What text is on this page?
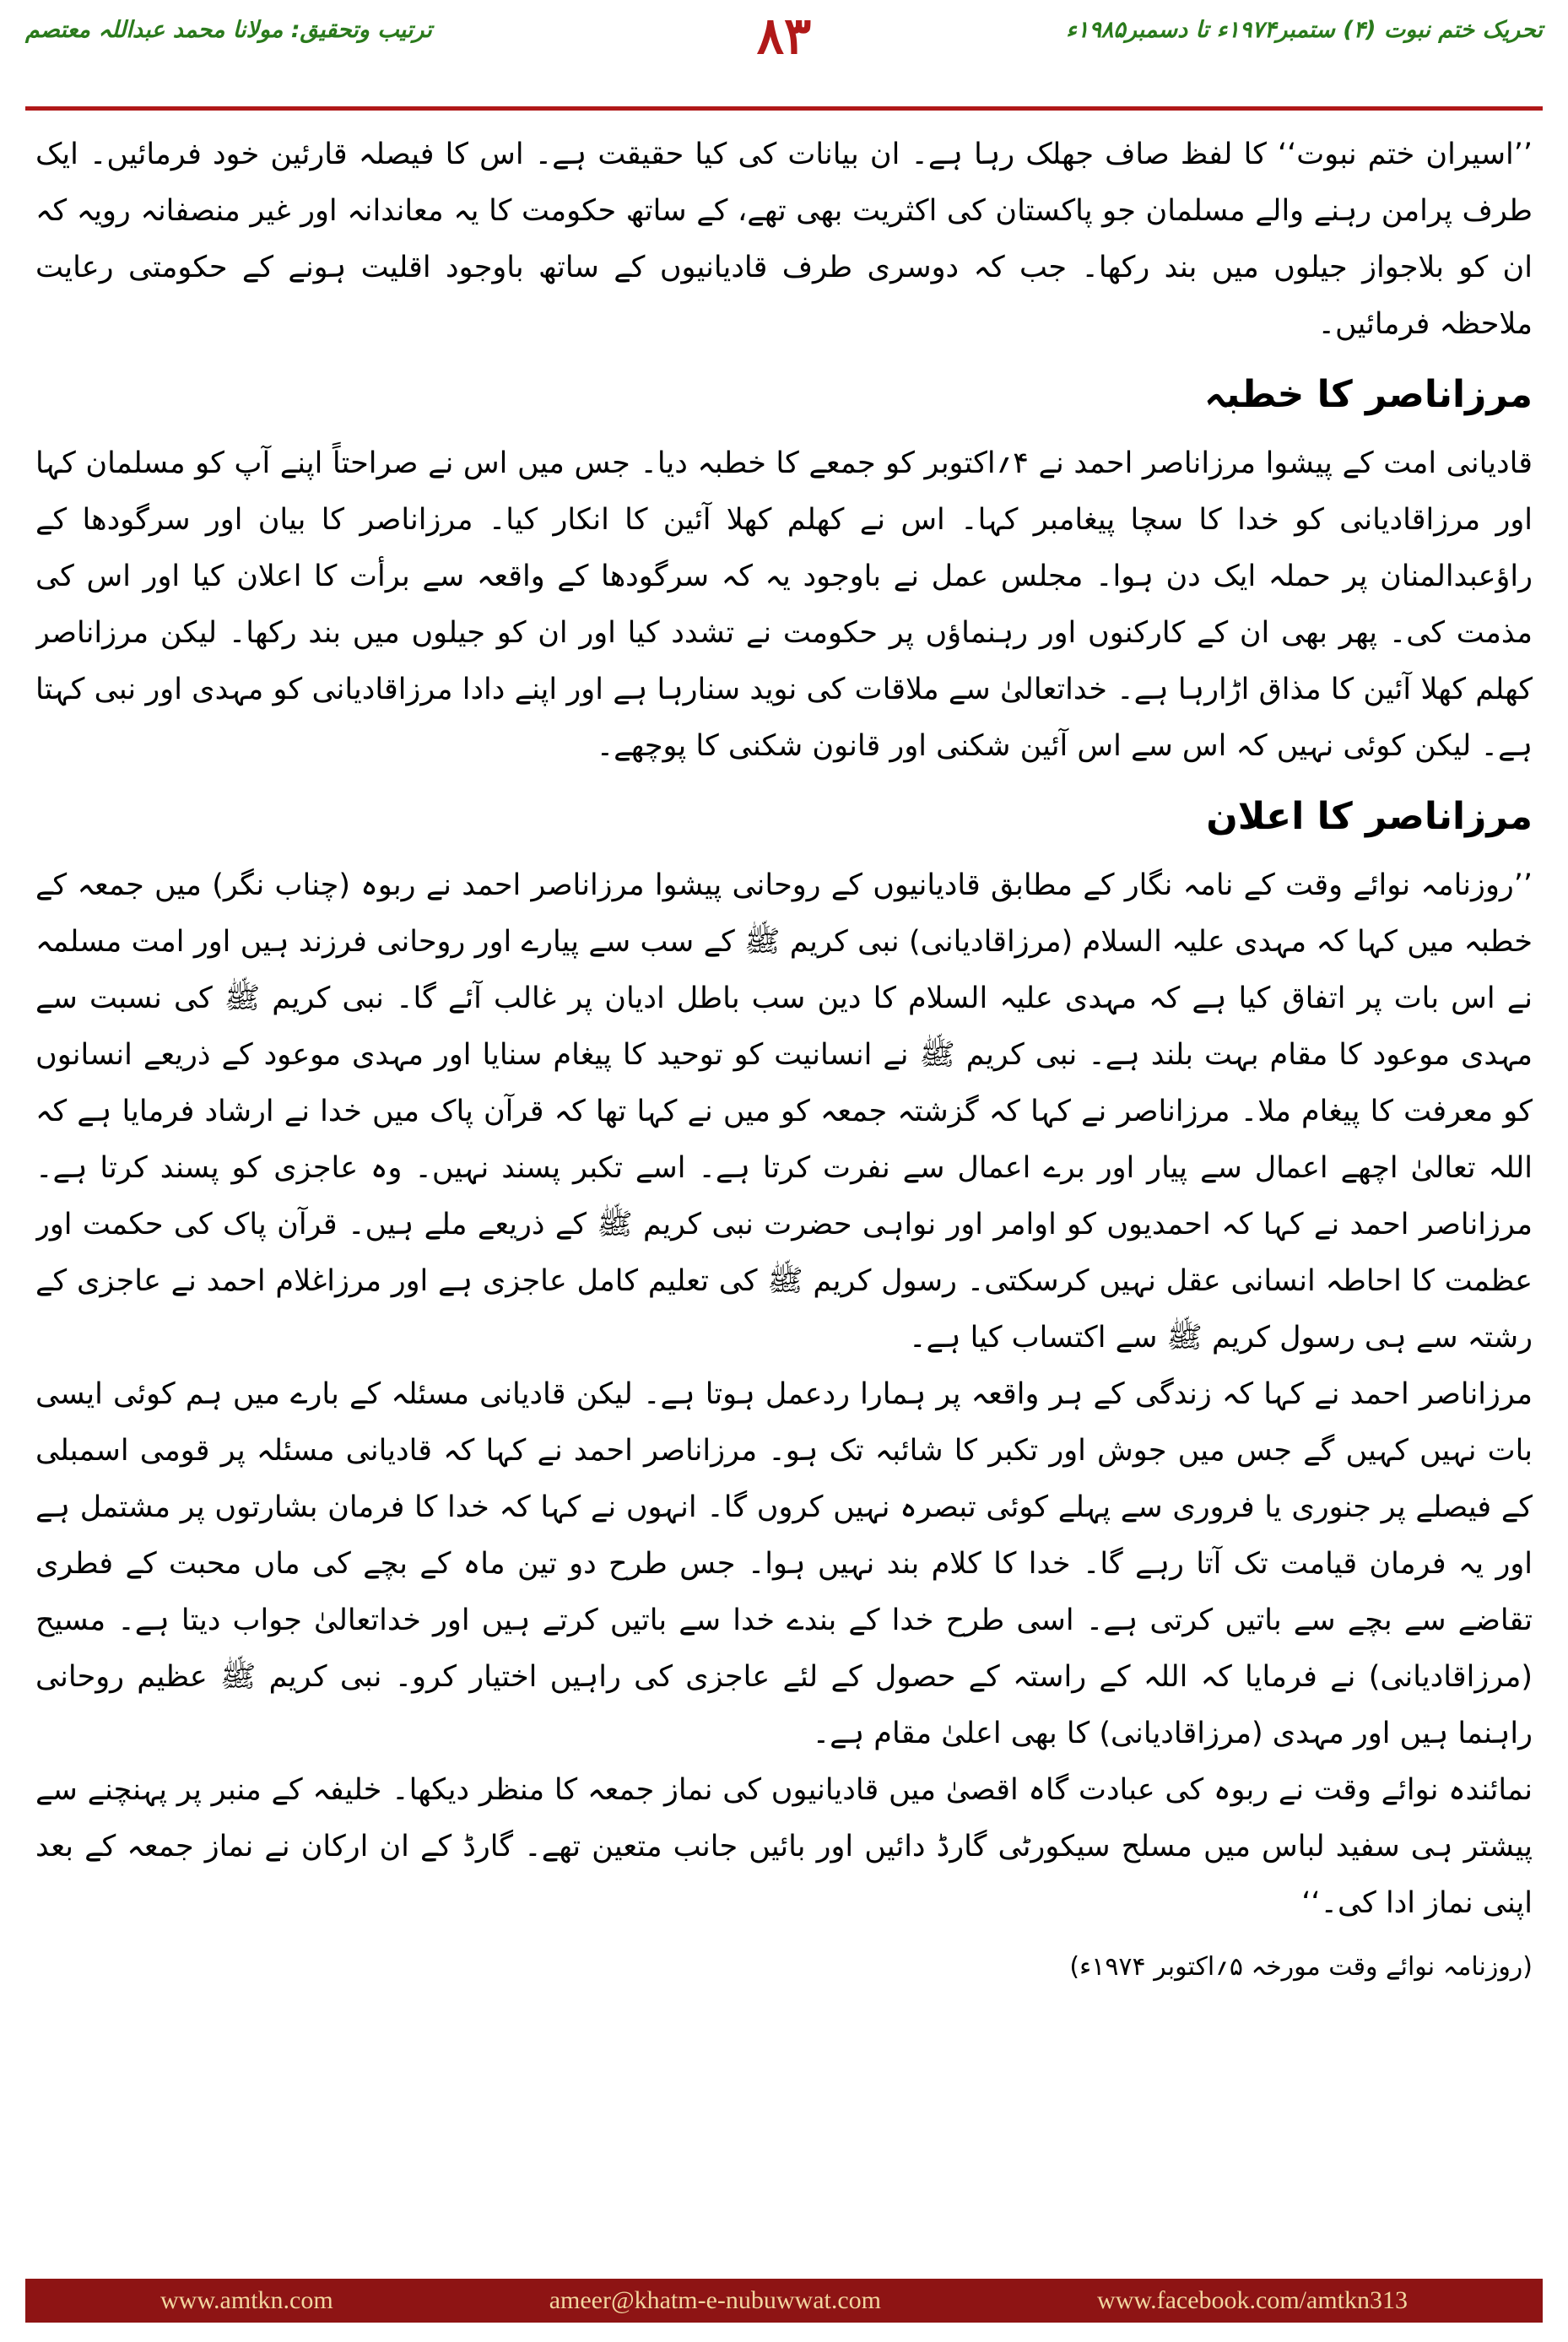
تحریک ختم نبوت (۴) ستمبر۱۹۷۴ء تا دسمبر۱۹۸۵ء
۸۳
ترتیب وتحقیق: مولانا محمد عبداللہ معتصم

’’اسیران ختم نبوت‘‘ کا لفظ صاف جھلک رہا ہے۔ ان بیانات کی کیا حقیقت ہے۔ اس کا فیصلہ قارئین خود فرمائیں۔ ایک طرف پرامن رہنے والے مسلمان جو پاکستان کی اکثریت بھی تھے، کے ساتھ حکومت کا یہ معاندانہ اور غیر منصفانہ رویہ کہ ان کو بلاجواز جیلوں میں بند رکھا۔ جب کہ دوسری طرف قادیانیوں کے ساتھ باوجود اقلیت ہونے کے حکومتی رعایت ملاحظہ فرمائیں۔

مرزاناصر کا خطبہ

قادیانی امت کے پیشوا مرزاناصر احمد نے ۴؍اکتوبر کو جمعے کا خطبہ دیا۔ جس میں اس نے صراحتاً اپنے آپ کو مسلمان کہا اور مرزاقادیانی کو خدا کا سچا پیغامبر کہا۔ اس نے کھلم کھلا آئین کا انکار کیا۔ مرزاناصر کا بیان اور سرگودھا کے راؤعبدالمنان پر حملہ ایک دن ہوا۔ مجلس عمل نے باوجود یہ کہ سرگودھا کے واقعہ سے برأت کا اعلان کیا اور اس کی مذمت کی۔ پھر بھی ان کے کارکنوں اور رہنماؤں پر حکومت نے تشدد کیا اور ان کو جیلوں میں بند رکھا۔ لیکن مرزاناصر کھلم کھلا آئین کا مذاق اڑارہا ہے۔ خداتعالیٰ سے ملاقات کی نوید سنارہا ہے اور اپنے دادا مرزاقادیانی کو مہدی اور نبی کہتا ہے۔ لیکن کوئی نہیں کہ اس سے اس آئین شکنی اور قانون شکنی کا پوچھے۔

مرزاناصر کا اعلان

’’روزنامہ نوائے وقت کے نامہ نگار کے مطابق قادیانیوں کے روحانی پیشوا مرزاناصر احمد نے ربوہ (چناب نگر) میں جمعہ کے خطبہ میں کہا کہ مہدی علیہ السلام (مرزاقادیانی) نبی کریم ﷺ کے سب سے پیارے اور روحانی فرزند ہیں اور امت مسلمہ نے اس بات پر اتفاق کیا ہے کہ مہدی علیہ السلام کا دین سب باطل ادیان پر غالب آئے گا۔ نبی کریم ﷺ کی نسبت سے مہدی موعود کا مقام بہت بلند ہے۔ نبی کریم ﷺ نے انسانیت کو توحید کا پیغام سنایا اور مہدی موعود کے ذریعے انسانوں کو معرفت کا پیغام ملا۔ مرزاناصر نے کہا کہ گزشتہ جمعہ کو میں نے کہا تھا کہ قرآن پاک میں خدا نے ارشاد فرمایا ہے کہ اللہ تعالیٰ اچھے اعمال سے پیار اور برے اعمال سے نفرت کرتا ہے۔ اسے تکبر پسند نہیں۔ وہ عاجزی کو پسند کرتا ہے۔ مرزاناصر احمد نے کہا کہ احمدیوں کو اوامر اور نواہی حضرت نبی کریم ﷺ کے ذریعے ملے ہیں۔ قرآن پاک کی حکمت اور عظمت کا احاطہ انسانی عقل نہیں کرسکتی۔ رسول کریم ﷺ کی تعلیم کامل عاجزی ہے اور مرزاغلام احمد نے عاجزی کے رشتہ سے ہی رسول کریم ﷺ سے اکتساب کیا ہے۔

مرزاناصر احمد نے کہا کہ زندگی کے ہر واقعہ پر ہمارا ردعمل ہوتا ہے۔ لیکن قادیانی مسئلہ کے بارے میں ہم کوئی ایسی بات نہیں کہیں گے جس میں جوش اور تکبر کا شائبہ تک ہو۔ مرزاناصر احمد نے کہا کہ قادیانی مسئلہ پر قومی اسمبلی کے فیصلے پر جنوری یا فروری سے پہلے کوئی تبصرہ نہیں کروں گا۔ انہوں نے کہا کہ خدا کا فرمان بشارتوں پر مشتمل ہے اور یہ فرمان قیامت تک آتا رہے گا۔ خدا کا کلام بند نہیں ہوا۔ جس طرح دو تین ماہ کے بچے کی ماں محبت کے فطری تقاضے سے بچے سے باتیں کرتی ہے۔ اسی طرح خدا کے بندے خدا سے باتیں کرتے ہیں اور خداتعالیٰ جواب دیتا ہے۔ مسیح (مرزاقادیانی) نے فرمایا کہ اللہ کے راستہ کے حصول کے لئے عاجزی کی راہیں اختیار کرو۔ نبی کریم ﷺ عظیم روحانی راہنما ہیں اور مہدی (مرزاقادیانی) کا بھی اعلیٰ مقام ہے۔

نمائندہ نوائے وقت نے ربوہ کی عبادت گاہ اقصیٰ میں قادیانیوں کی نماز جمعہ کا منظر دیکھا۔ خلیفہ کے منبر پر پہنچنے سے پیشتر ہی سفید لباس میں مسلح سیکورٹی گارڈ دائیں اور بائیں جانب متعین تھے۔ گارڈ کے ان ارکان نے نماز جمعہ کے بعد اپنی نماز ادا کی۔‘‘

(روزنامہ نوائے وقت مورخہ ۵؍اکتوبر ۱۹۷۴ء)

www.amtkn.com	ameer@khatm-e-nubuwwat.com	www.facebook.com/amtkn313
